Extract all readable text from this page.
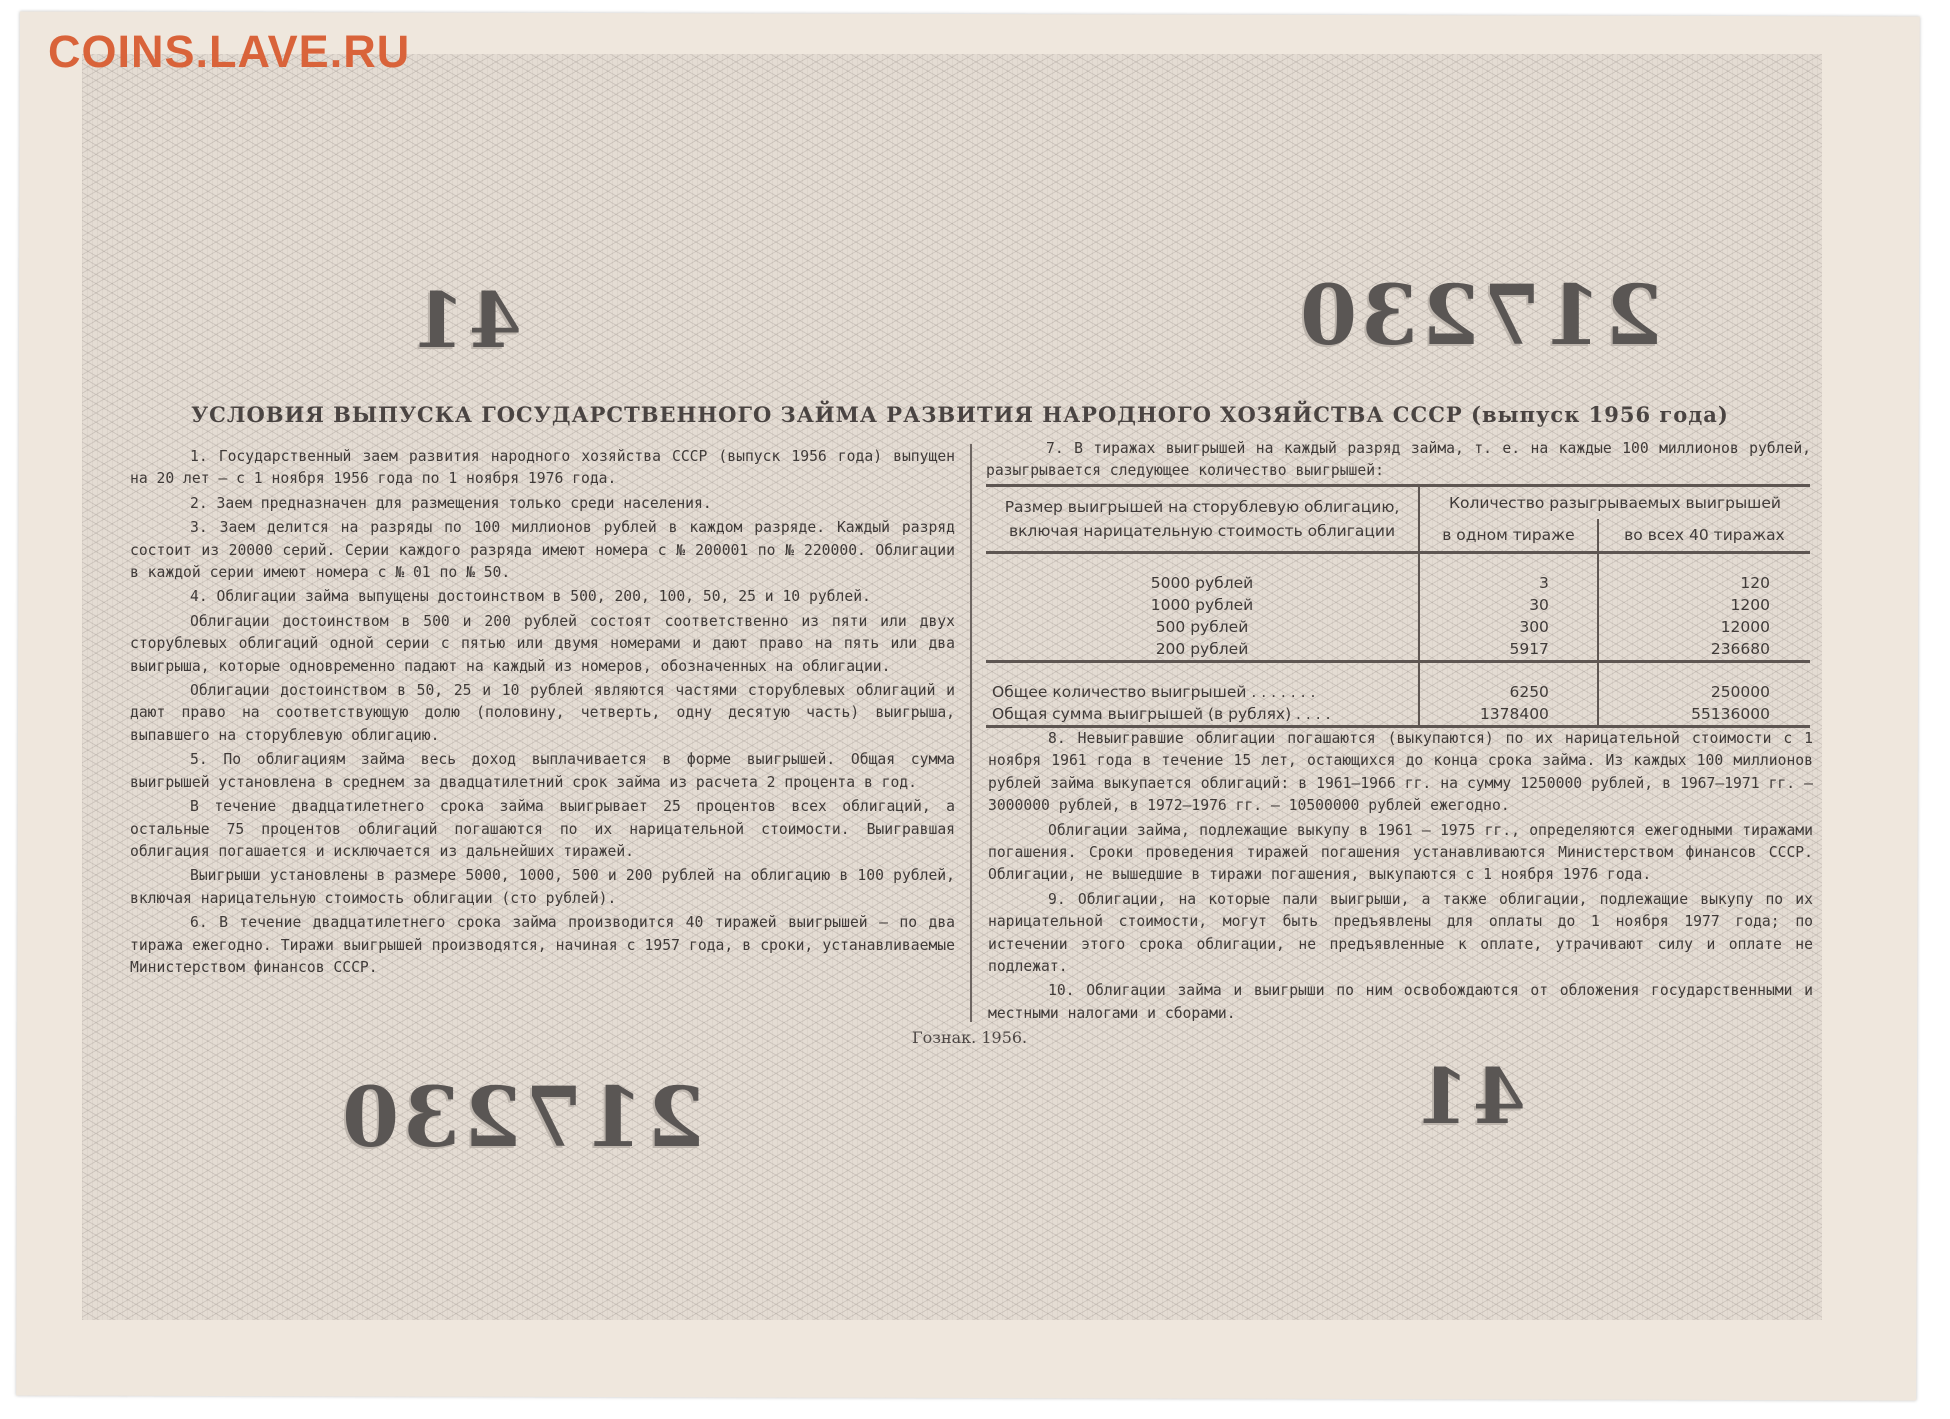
COINS.LAVE.RU
41	217230
217230	41
УСЛОВИЯ ВЫПУСКА ГОСУДАРСТВЕННОГО ЗАЙМА РАЗВИТИЯ НАРОДНОГО ХОЗЯЙСТВА СССР (выпуск 1956 года)

1. Государственный заем развития народного хозяйства СССР (выпуск 1956 года) выпущен на 20 лет — с 1 ноября 1956 года по 1 ноября 1976 года.

2. Заем предназначен для размещения только среди населения.

3. Заем делится на разряды по 100 миллионов рублей в каждом разряде. Каждый разряд состоит из 20000 серий. Серии каждого разряда имеют номера с № 200001 по № 220000. Облигации в каждой серии имеют номера с № 01 по № 50.

4. Облигации займа выпущены достоинством в 500, 200, 100, 50, 25 и 10 рублей.

Облигации достоинством в 500 и 200 рублей состоят соответственно из пяти или двух сторублевых облигаций одной серии с пятью или двумя номерами и дают право на пять или два выигрыша, которые одновременно падают на каждый из номеров, обозначенных на облигации.

Облигации достоинством в 50, 25 и 10 рублей являются частями сторублевых облигаций и дают право на соответствующую долю (половину, четверть, одну десятую часть) выигрыша, выпавшего на сторублевую облигацию.

5. По облигациям займа весь доход выплачивается в форме выигрышей. Общая сумма выигрышей установлена в среднем за двадцатилетний срок займа из расчета 2 процента в год.

В течение двадцатилетнего срока займа выигрывает 25 процентов всех облигаций, а остальные 75 процентов облигаций погашаются по их нарицательной стоимости. Выигравшая облигация погашается и исключается из дальнейших тиражей.

Выигрыши установлены в размере 5000, 1000, 500 и 200 рублей на облигацию в 100 рублей, включая нарицательную стоимость облигации (сто рублей).

6. В течение двадцатилетнего срока займа производится 40 тиражей выигрышей — по два тиража ежегодно. Тиражи выигрышей производятся, начиная с 1957 года, в сроки, устанавливаемые Министерством финансов СССР.

7. В тиражах выигрышей на каждый разряд займа, т. е. на каждые 100 миллионов рублей, разыгрывается следующее количество выигрышей:

Размер выигрышей на сторублевую облигацию, включая нарицательную стоимость облигации	Количество разыгрываемых выигрышей	
	в одном тираже	во всех 40 тиражах

5000 рублей	3	120
1000 рублей	30	1200
500 рублей	300	12000
200 рублей	5917	236680

Общее количество выигрышей . . . . . . .	6250	250000
Общая сумма выигрышей (в рублях) . . . .	1378400	55136000

8. Невыигравшие облигации погашаются (выкупаются) по их нарицательной стоимости с 1 ноября 1961 года в течение 15 лет, остающихся до конца срока займа. Из каждых 100 миллионов рублей займа выкупается облигаций: в 1961—1966 гг. на сумму 1250000 рублей, в 1967—1971 гг. — 3000000 рублей, в 1972—1976 гг. — 10500000 рублей ежегодно.

Облигации займа, подлежащие выкупу в 1961 — 1975 гг., определяются ежегодными тиражами погашения. Сроки проведения тиражей погашения устанавливаются Министерством финансов СССР. Облигации, не вышедшие в тиражи погашения, выкупаются с 1 ноября 1976 года.

9. Облигации, на которые пали выигрыши, а также облигации, подлежащие выкупу по их нарицательной стоимости, могут быть предъявлены для оплаты до 1 ноября 1977 года; по истечении этого срока облигации, не предъявленные к оплате, утрачивают силу и оплате не подлежат.

10. Облигации займа и выигрыши по ним освобождаются от обложения государственными и местными налогами и сборами.

Гознак. 1956.
